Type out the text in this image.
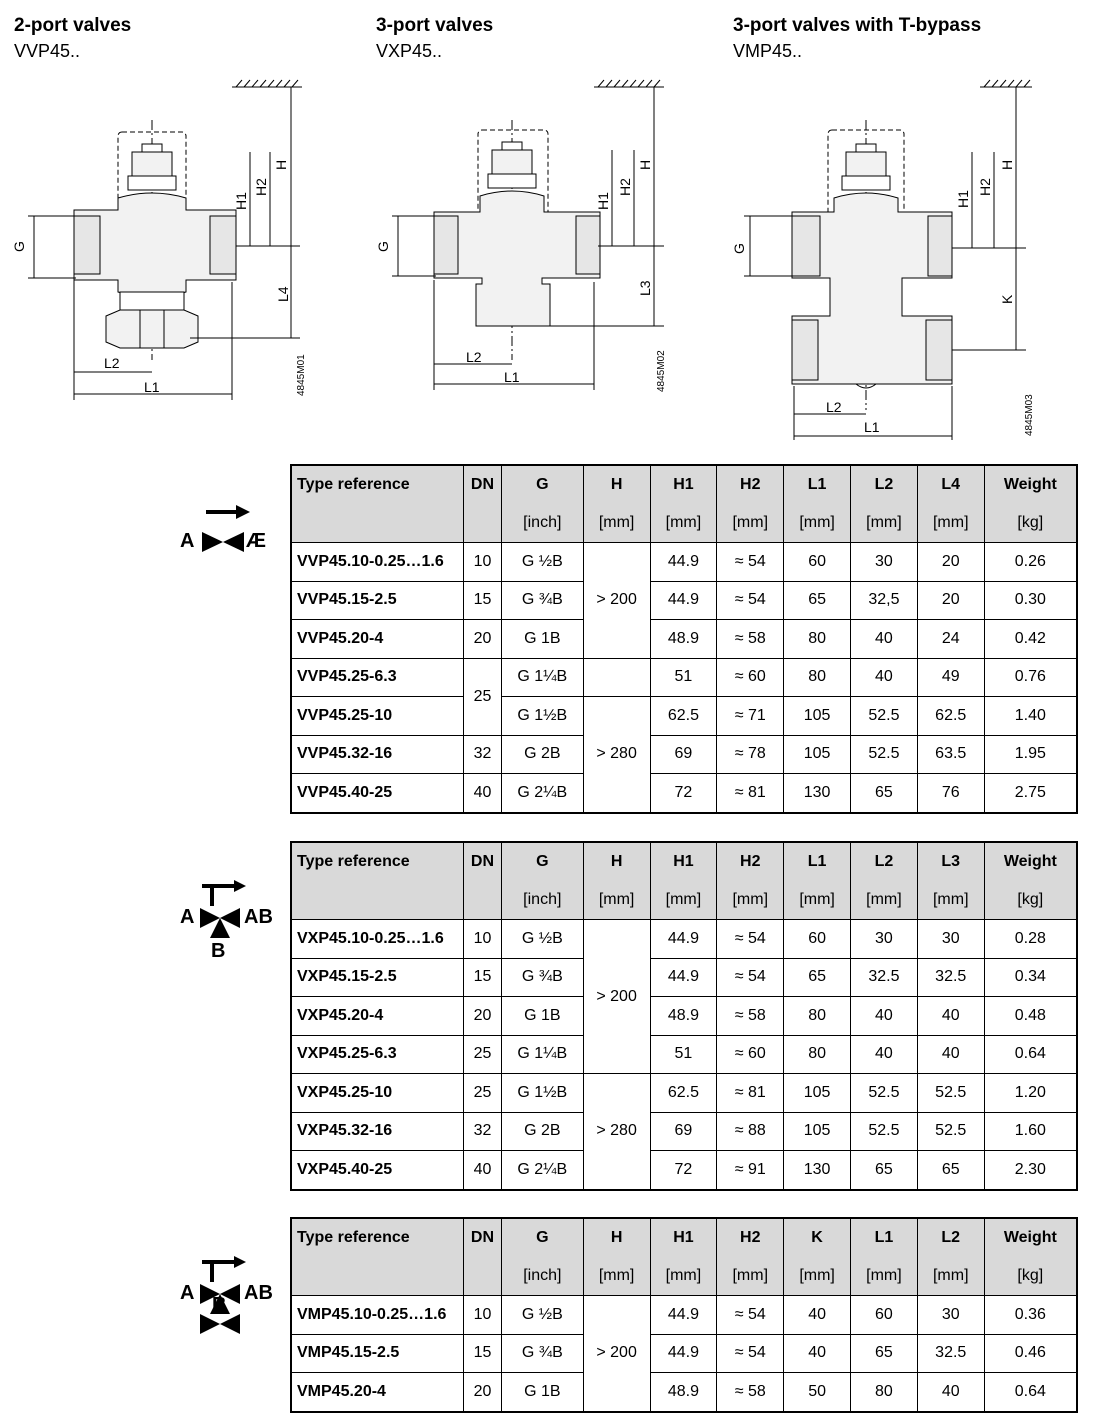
2-port valves
VVP45..
3-port valves
VXP45..
3-port valves with T-bypass
VMP45..
G
H1
H2
H
L4
L2
L1	4845M01
G
H1
H2
H
L3
L2
L1	4845M02
G
H1
H2
H
K
L2
L1	4845M03
A	Æ
A AB
B
A AB
B
Type reference	DN	G	H	H1	H2	L1	L2	L4	Weight
		[inch]	[mm]	[mm]	[mm]	[mm]	[mm]	[mm]	[kg]
VVP45.10-0.25…1.6	10	G ½B	> 200	44.9	≈ 54	60	30	20	0.26
VVP45.15-2.5	15	G ¾B		44.9	≈ 54	65	32,5	20	0.30
VVP45.20-4	20	G 1B		48.9	≈ 58	80	40	24	0.42
VVP45.25-6.3	25	G 1¼B		51	≈ 60	80	40	49	0.76
VVP45.25-10		G 1½B	> 280	62.5	≈ 71	105	52.5	62.5	1.40
VVP45.32-16	32	G 2B		69	≈ 78	105	52.5	63.5	1.95
VVP45.40-25	40	G 2¼B		72	≈ 81	130	65	76	2.75
Type reference	DN	G	H	H1	H2	L1	L2	L3	Weight
		[inch]	[mm]	[mm]	[mm]	[mm]	[mm]	[mm]	[kg]
VXP45.10-0.25…1.6	10	G ½B	> 200	44.9	≈ 54	60	30	30	0.28
VXP45.15-2.5	15	G ¾B		44.9	≈ 54	65	32.5	32.5	0.34
VXP45.20-4	20	G 1B		48.9	≈ 58	80	40	40	0.48
VXP45.25-6.3	25	G 1¼B		51	≈ 60	80	40	40	0.64
VXP45.25-10	25	G 1½B	> 280	62.5	≈ 81	105	52.5	52.5	1.20
VXP45.32-16	32	G 2B		69	≈ 88	105	52.5	52.5	1.60
VXP45.40-25	40	G 2¼B		72	≈ 91	130	65	65	2.30
Type reference	DN	G	H	H1	H2	K	L1	L2	Weight
		[inch]	[mm]	[mm]	[mm]	[mm]	[mm]	[mm]	[kg]
VMP45.10-0.25…1.6	10	G ½B	> 200	44.9	≈ 54	40	60	30	0.36
VMP45.15-2.5	15	G ¾B		44.9	≈ 54	40	65	32.5	0.46
VMP45.20-4	20	G 1B		48.9	≈ 58	50	80	40	0.64
